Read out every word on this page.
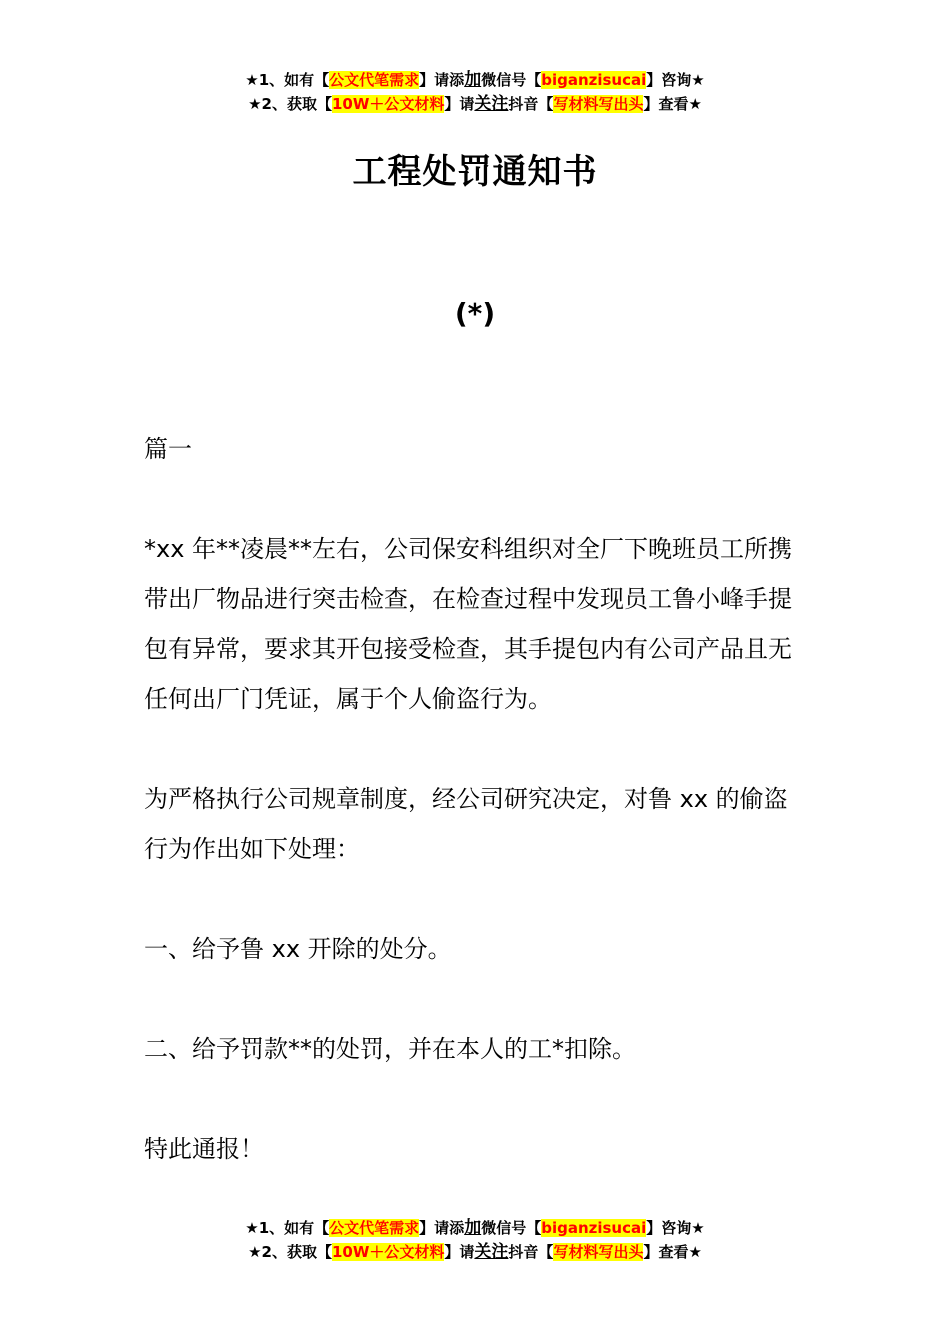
★1、如有【公文代笔需求】请添加微信号【biganzisucai】咨询★
★2、获取【10W＋公文材料】请关注抖音【写材料写出头】查看★
工程处罚通知书
(*)

篇一

*xx 年**凌晨**左右，公司保安科组织对全厂下晚班员工所携带出厂物品进行突击检查，在检查过程中发现员工鲁小峰手提包有异常，要求其开包接受检查，其手提包内有公司产品且无任何出厂门凭证，属于个人偷盗行为。

为严格执行公司规章制度，经公司研究决定，对鲁 xx 的偷盗行为作出如下处理：

一、给予鲁 xx 开除的处分。

二、给予罚款**的处罚，并在本人的工*扣除。

特此通报！

★1、如有【公文代笔需求】请添加微信号【biganzisucai】咨询★
★2、获取【10W＋公文材料】请关注抖音【写材料写出头】查看★
